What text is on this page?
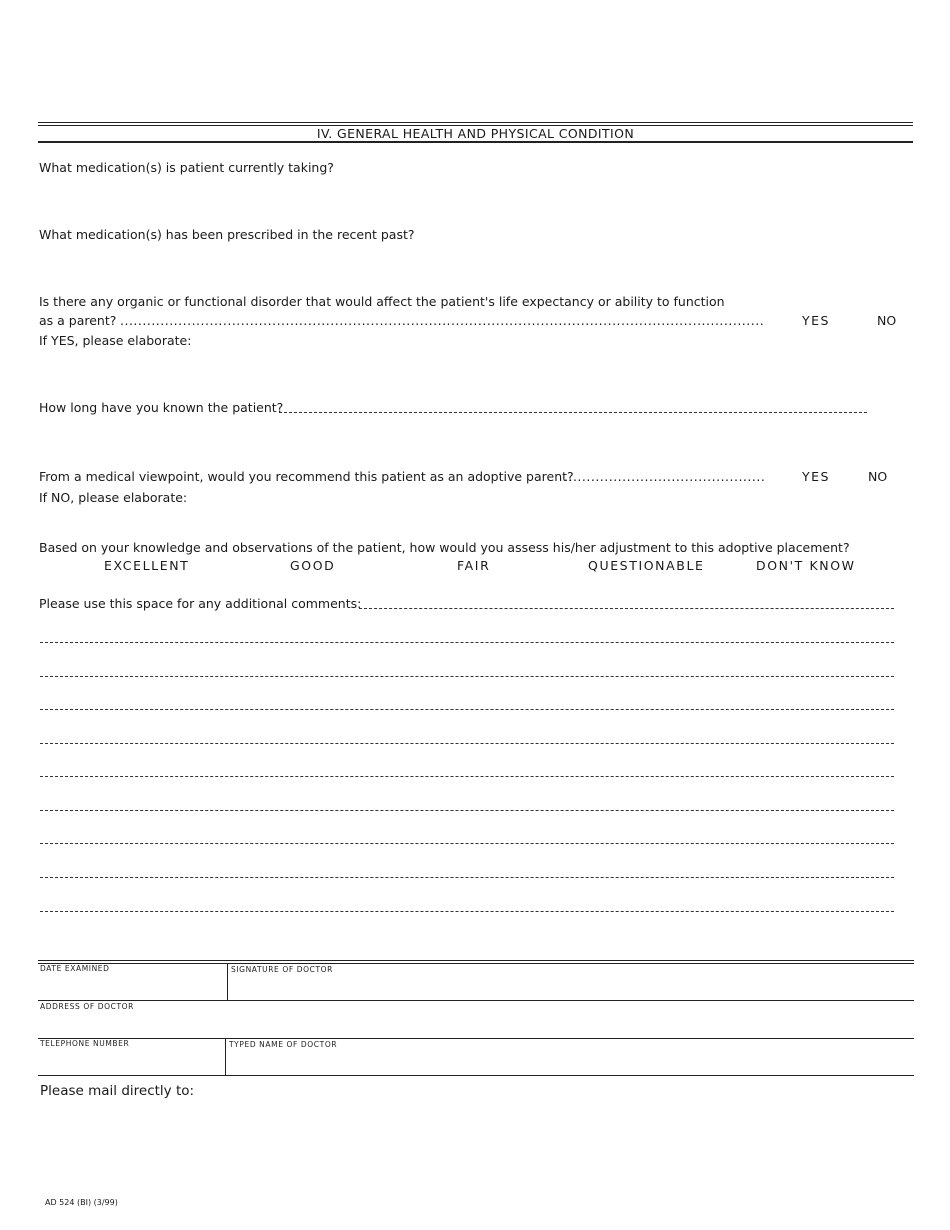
IV. GENERAL HEALTH AND PHYSICAL CONDITION
What medication(s) is patient currently taking?
What medication(s) has been prescribed in the recent past?
Is there any organic or functional disorder that would affect the patient's life expectancy or ability to function
as a parent? .....	YES	NO
If YES, please elaborate:
How long have you known the patient?
From a medical viewpoint, would you recommend this patient as an adoptive parent? .....	YES	NO
If NO, please elaborate:
Based on your knowledge and observations of the patient, how would you assess his/her adjustment to this adoptive placement?
EXCELLENT	GOOD	FAIR	QUESTIONABLE	DON'T KNOW
Please use this space for any additional comments:
DATE EXAMINED	SIGNATURE OF DOCTOR
ADDRESS OF DOCTOR
TELEPHONE NUMBER	TYPED NAME OF DOCTOR
Please mail directly to:
AD 524 (BI) (3/99)
